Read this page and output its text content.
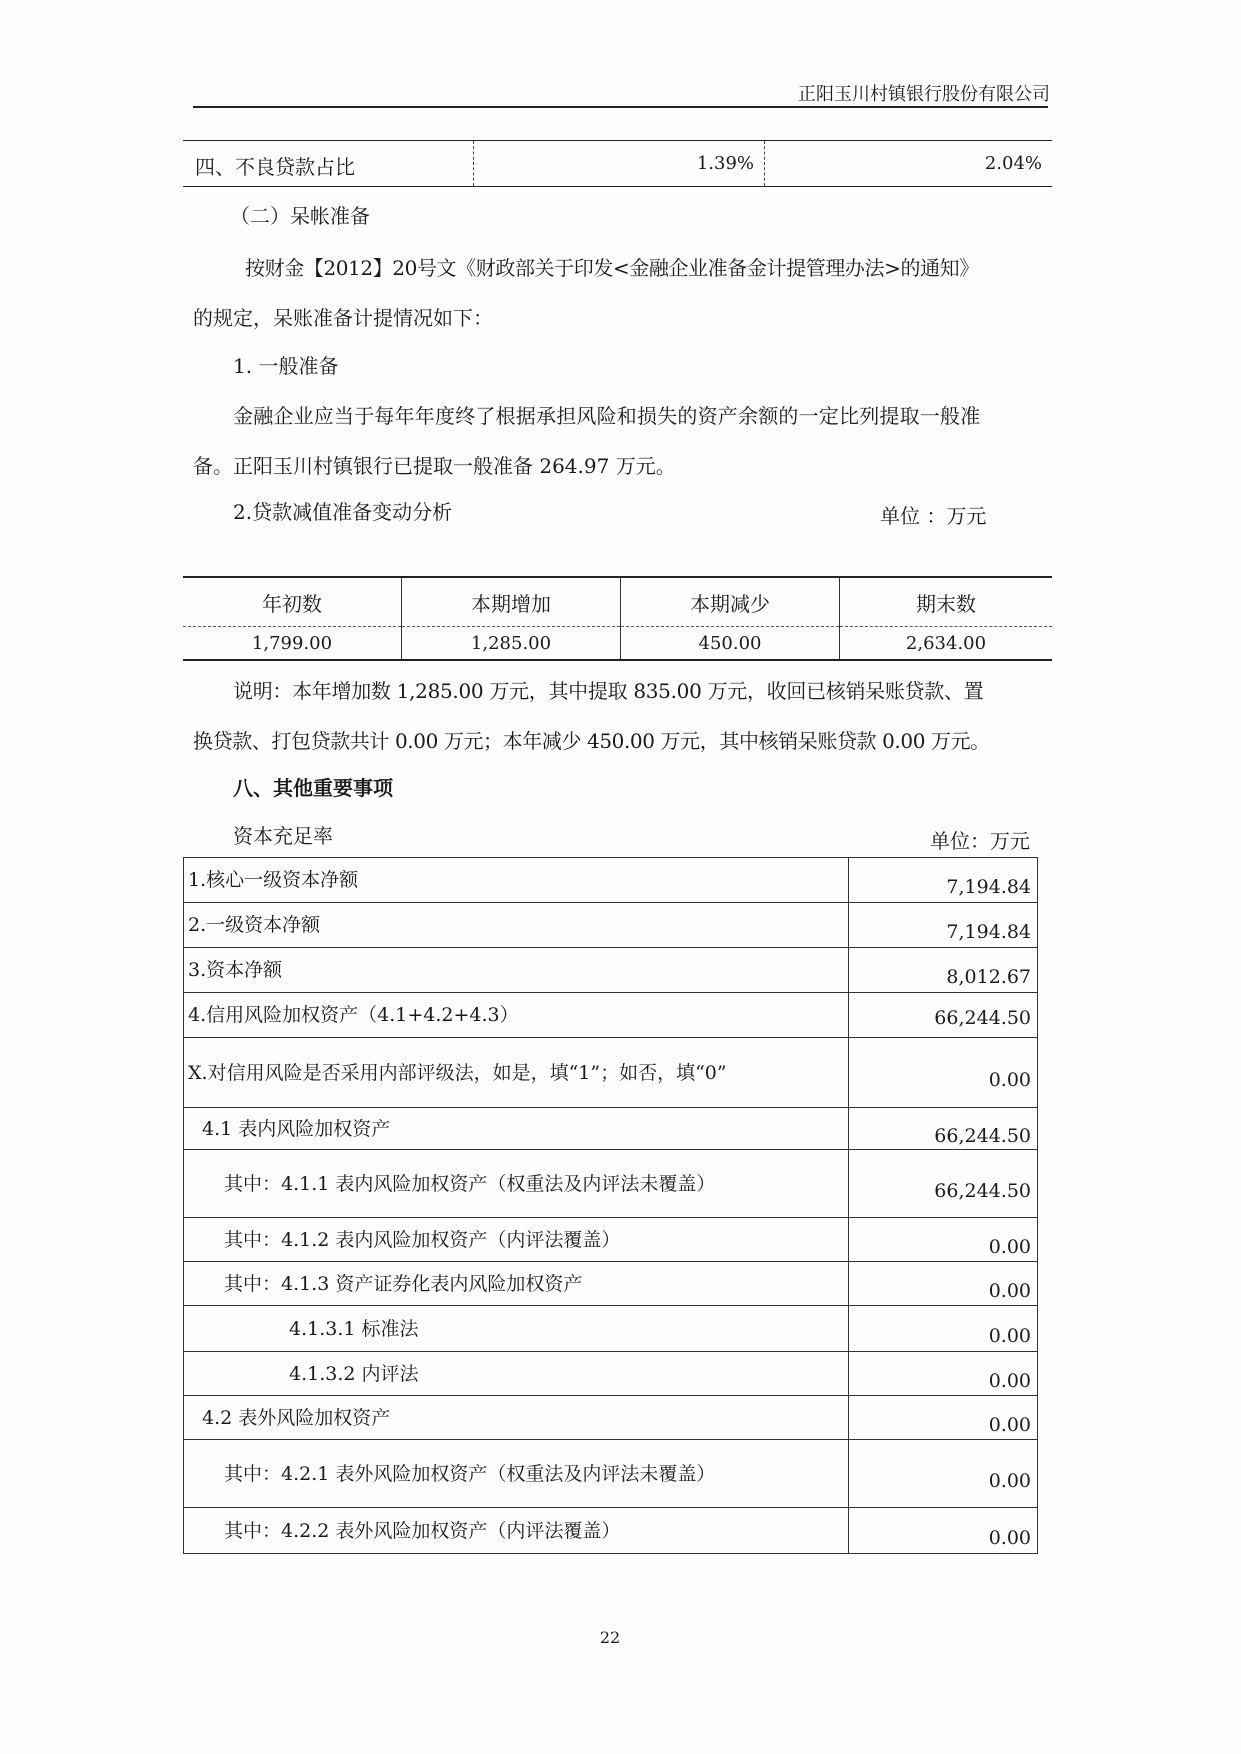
正阳玉川村镇银行股份有限公司
四、不良贷款占比	1.39%	2.04%
（二）呆帐准备
按财金【2012】20号文《财政部关于印发<金融企业准备金计提管理办法>的通知》
的规定，呆账准备计提情况如下：
1. 一般准备
金融企业应当于每年年度终了根据承担风险和损失的资产余额的一定比列提取一般准
备。正阳玉川村镇银行已提取一般准备 264.97 万元。
2.贷款减值准备变动分析	单位 ：万元
年初数	本期增加	本期减少	期末数
1,799.00	1,285.00	450.00	2,634.00
说明：本年增加数 1,285.00 万元，其中提取 835.00 万元，收回已核销呆账贷款、置
换贷款、打包贷款共计 0.00 万元；本年减少 450.00 万元，其中核销呆账贷款 0.00 万元。
八、其他重要事项
资本充足率	单位：万元
1.核心一级资本净额	7,194.84
2.一级资本净额	7,194.84
3.资本净额	8,012.67
4.信用风险加权资产（4.1+4.2+4.3）	66,244.50
X.对信用风险是否采用内部评级法，如是，填“1”；如否，填“0”	0.00
4.1 表内风险加权资产	66,244.50
其中：4.1.1 表内风险加权资产（权重法及内评法未覆盖）	66,244.50
其中：4.1.2 表内风险加权资产（内评法覆盖）	0.00
其中：4.1.3 资产证券化表内风险加权资产	0.00
4.1.3.1 标准法	0.00
4.1.3.2 内评法	0.00
4.2 表外风险加权资产	0.00
其中：4.2.1 表外风险加权资产（权重法及内评法未覆盖）	0.00
其中：4.2.2 表外风险加权资产（内评法覆盖）	0.00
22
